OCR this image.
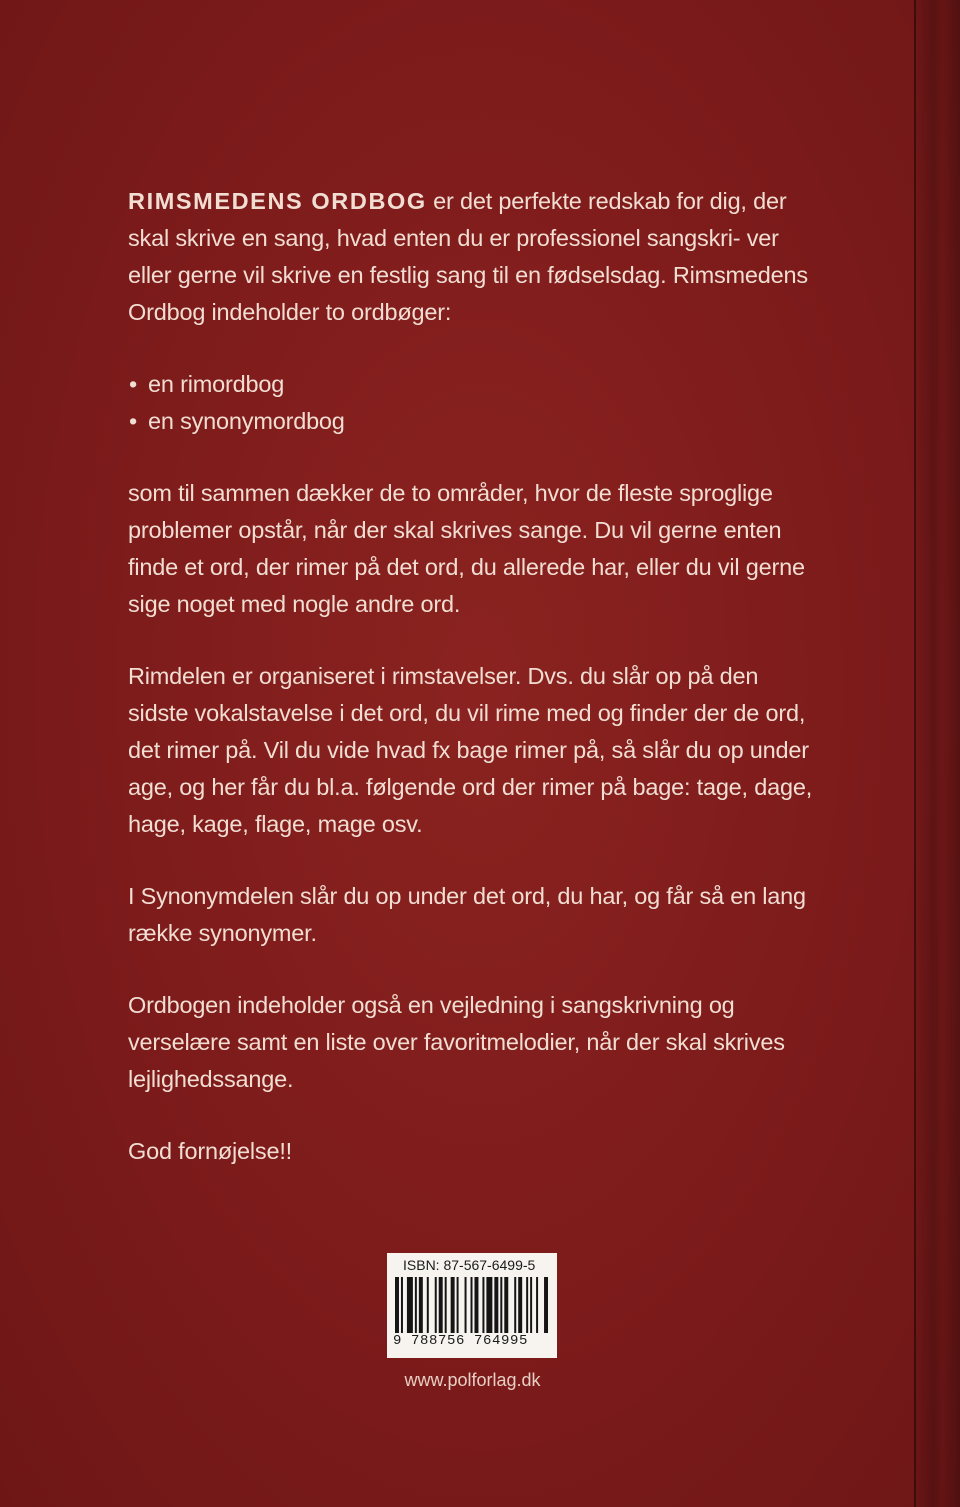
RIMSMEDENS ORDBOG er det perfekte redskab for dig, der skal skrive en sang, hvad enten du er professionel sangskri- ver eller gerne vil skrive en festlig sang til en fødselsdag. Rimsmedens Ordbog indeholder to ordbøger:

• en rimordbog
• en synonymordbog

som til sammen dækker de to områder, hvor de fleste sproglige problemer opstår, når der skal skrives sange. Du vil gerne enten finde et ord, der rimer på det ord, du allerede har, eller du vil gerne sige noget med nogle andre ord.

Rimdelen er organiseret i rimstavelser. Dvs. du slår op på den sidste vokalstavelse i det ord, du vil rime med og finder der de ord, det rimer på. Vil du vide hvad fx bage rimer på, så slår du op under age, og her får du bl.a. følgende ord der rimer på bage: tage, dage, hage, kage, flage, mage osv.

I Synonymdelen slår du op under det ord, du har, og får så en lang række synonymer.

Ordbogen indeholder også en vejledning i sangskrivning og verselære samt en liste over favoritmelodier, når der skal skrives lejlighedssange.

God fornøjelse!!

ISBN: 87-567-6499-5
9 788756 764995
www.polforlag.dk
